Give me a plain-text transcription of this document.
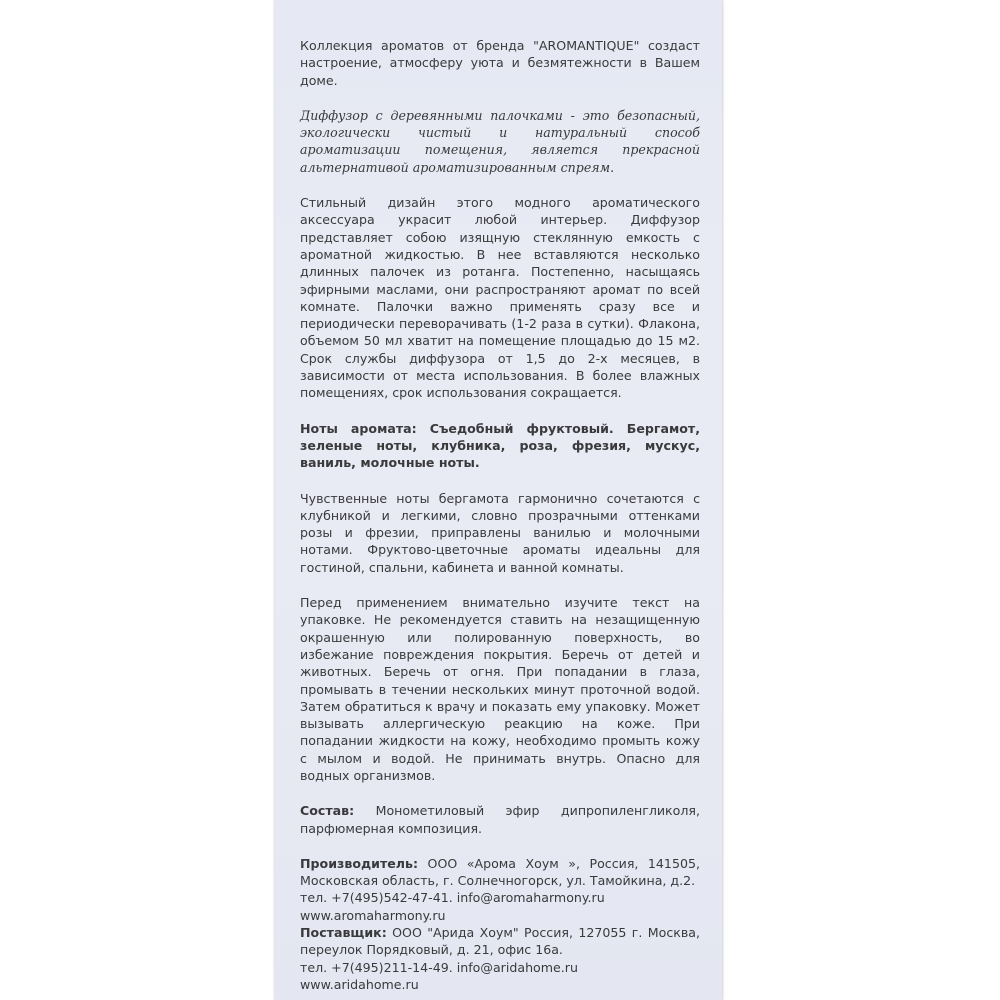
Коллекция ароматов от бренда "AROMANTIQUE" создаст настроение, атмосферу уюта и безмятежности в Вашем доме.

Диффузор с деревянными палочками - это безопасный, экологически чистый и натуральный способ ароматизации помещения, является прекрасной альтернативой ароматизированным спреям.

Стильный дизайн этого модного ароматического аксессуара украсит любой интерьер. Диффузор представляет собою изящную стеклянную емкость с ароматной жидкостью. В нее вставляются несколько длинных палочек из ротанга. Постепенно, насыщаясь эфирными маслами, они распространяют аромат по всей комнате. Палочки важно применять сразу все и периодически переворачивать (1-2 раза в сутки). Флакона, объемом 50 мл хватит на помещение площадью до 15 м2. Срок службы диффузора от 1,5 до 2-х месяцев, в зависимости от места использования. В более влажных помещениях, срок использования сокращается.

Ноты аромата: Съедобный фруктовый. Бергамот, зеленые ноты, клубника, роза, фрезия, мускус, ваниль, молочные ноты.

Чувственные ноты бергамота гармонично сочетаются с клубникой и легкими, словно прозрачными оттенками розы и фрезии, приправлены ванилью и молочными нотами. Фруктово-цветочные ароматы идеальны для гостиной, спальни, кабинета и ванной комнаты.

Перед применением внимательно изучите текст на упаковке. Не рекомендуется ставить на незащищенную окрашенную или полированную поверхность, во избежание повреждения покрытия. Беречь от детей и животных. Беречь от огня. При попадании в глаза, промывать в течении нескольких минут проточной водой. Затем обратиться к врачу и показать ему упаковку. Может вызывать аллергическую реакцию на коже. При попадании жидкости на кожу, необходимо промыть кожу с мылом и водой. Не принимать внутрь. Опасно для водных организмов.

Состав: Монометиловый эфир дипропиленгликоля, парфюмерная композиция.

Производитель: ООО «Арома Хоум », Россия, 141505, Московская область, г. Солнечногорск, ул. Тамойкина, д.2.
тел. +7(495)542-47-41. info@aromaharmony.ru
www.aromaharmony.ru
Поставщик: ООО "Арида Хоум" Россия, 127055 г. Москва, переулок Порядковый, д. 21, офис 16а.
тел. +7(495)211-14-49. info@aridahome.ru
www.aridahome.ru
